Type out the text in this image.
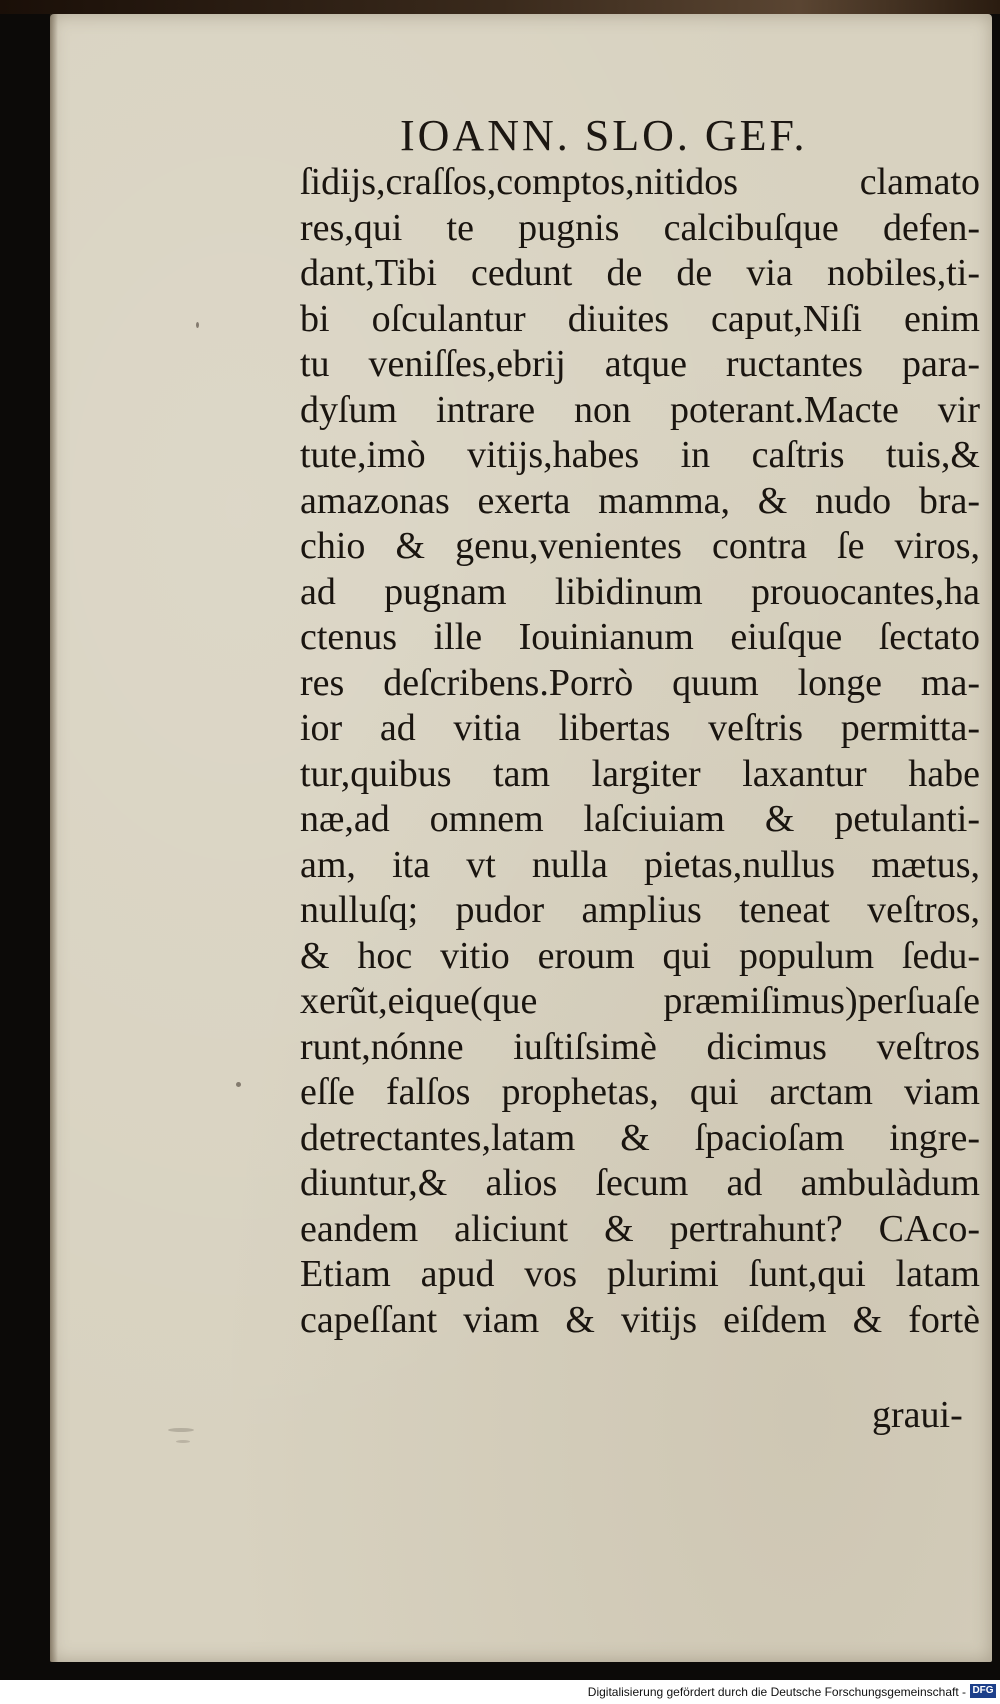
IOANN. SLO. GEF.
ſidijs,craſſos,comptos,nitidos clamato
res,qui te pugnis calcibuſque defen-
dant,Tibi cedunt de de via nobiles,ti-
bi oſculantur diuites caput,Niſi enim
tu veniſſes,ebrij atque ructantes para-
dyſum intrare non poterant.Macte vir
tute,imò vitijs,habes in caſtris tuis,&
amazonas exerta mamma, & nudo bra-
chio & genu,venientes contra ſe viros,
ad pugnam libidinum prouocantes,ha
ctenus ille Iouinianum eiuſque ſectato
res deſcribens.Porrò quum longe ma-
ior ad vitia libertas veſtris permitta-
tur,quibus tam largiter laxantur habe
næ,ad omnem laſciuiam & petulanti-
am, ita vt nulla pietas,nullus mætus,
nulluſq; pudor amplius teneat veſtros,
& hoc vitio eroum qui populum ſedu-
xerũt,eique(que præmiſimus)perſuaſe
runt,nónne iuſtiſsimè dicimus veſtros
eſſe falſos prophetas, qui arctam viam
detrectantes,latam & ſpacioſam ingre-
diuntur,& alios ſecum ad ambulàdum
eandem aliciunt & pertrahunt? CAco-
Etiam apud vos plurimi ſunt,qui latam
capeſſant viam & vitijs eiſdem & fortè
graui-
Digitalisierung gefördert durch die Deutsche Forschungsgemeinschaft - DFG
